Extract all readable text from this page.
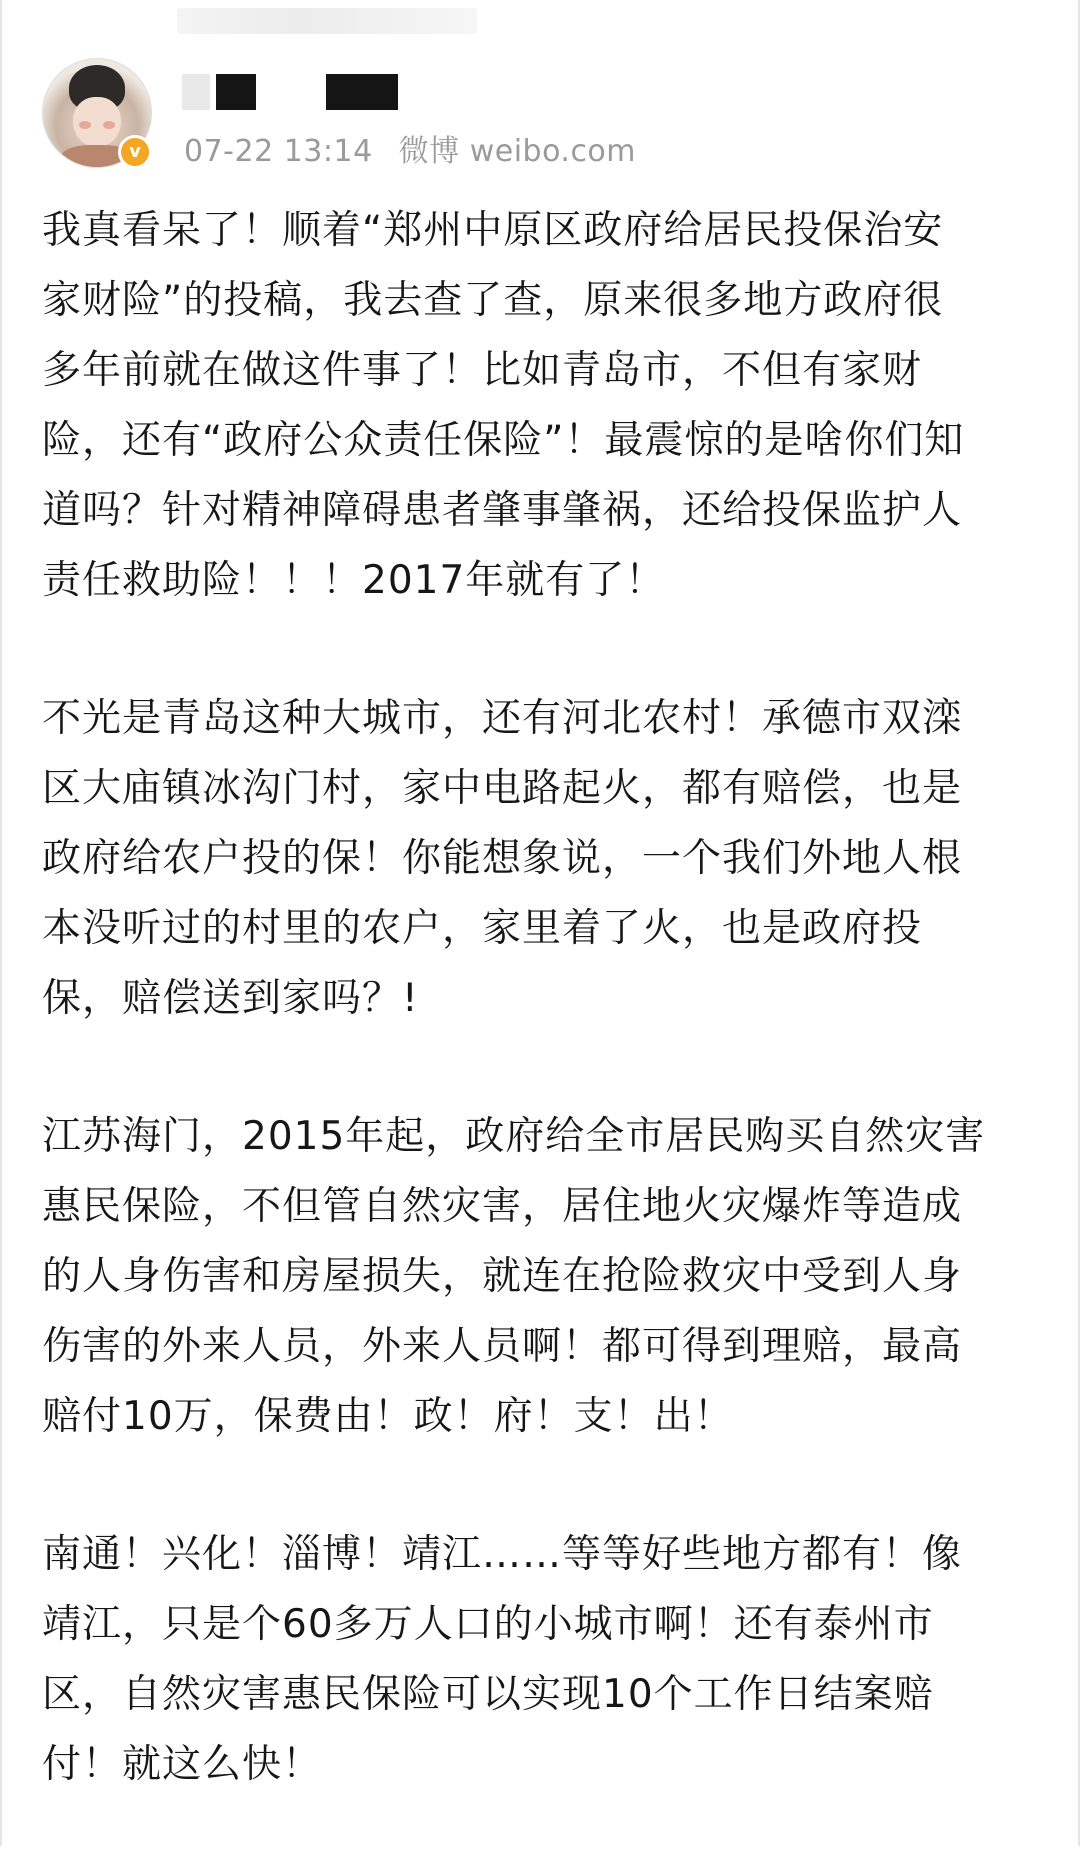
v	07-22 13:14 微博 weibo.com

我真看呆了！顺着“郑州中原区政府给居民投保治安
家财险”的投稿，我去查了查，原来很多地方政府很
多年前就在做这件事了！比如青岛市，不但有家财
险，还有“政府公众责任保险”！最震惊的是啥你们知
道吗？针对精神障碍患者肇事肇祸，还给投保监护人
责任救助险！！！2017年就有了！

不光是青岛这种大城市，还有河北农村！承德市双滦
区大庙镇冰沟门村，家中电路起火，都有赔偿，也是
政府给农户投的保！你能想象说，一个我们外地人根
本没听过的村里的农户，家里着了火，也是政府投
保，赔偿送到家吗？!

江苏海门，2015年起，政府给全市居民购买自然灾害
惠民保险，不但管自然灾害，居住地火灾爆炸等造成
的人身伤害和房屋损失，就连在抢险救灾中受到人身
伤害的外来人员，外来人员啊！都可得到理赔，最高
赔付10万，保费由！政！府！支！出！

南通！兴化！淄博！靖江……等等好些地方都有！像
靖江，只是个60多万人口的小城市啊！还有泰州市
区，自然灾害惠民保险可以实现10个工作日结案赔
付！就这么快！
